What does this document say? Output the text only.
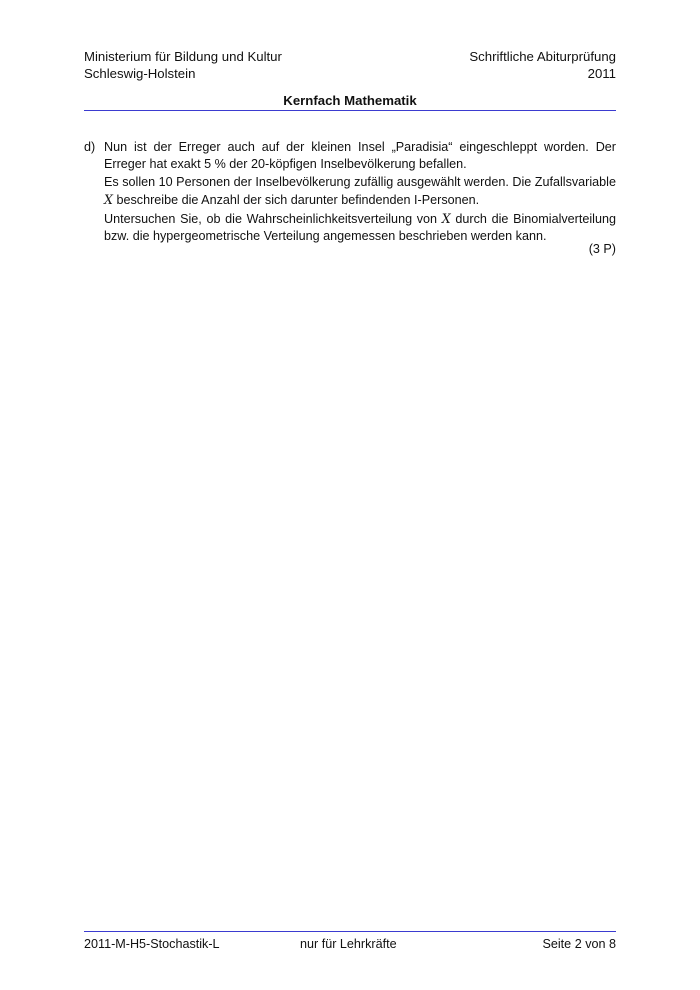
Ministerium für Bildung und Kultur
Schleswig-Holstein
Schriftliche Abiturprüfung
2011
Kernfach Mathematik
d) Nun ist der Erreger auch auf der kleinen Insel „Paradisia“ eingeschleppt worden. Der Erreger hat exakt 5 % der 20-köpfigen Inselbevölkerung befallen.

Es sollen 10 Personen der Inselbevölkerung zufällig ausgewählt werden. Die Zufallsvariable X beschreibe die Anzahl der sich darunter befindenden I-Personen.

Untersuchen Sie, ob die Wahrscheinlichkeitsverteilung von X durch die Binomialverteilung bzw. die hypergeometrische Verteilung angemessen beschrieben werden kann.

(3 P)
2011-M-H5-Stochastik-L	nur für Lehrkräfte	Seite 2 von 8
